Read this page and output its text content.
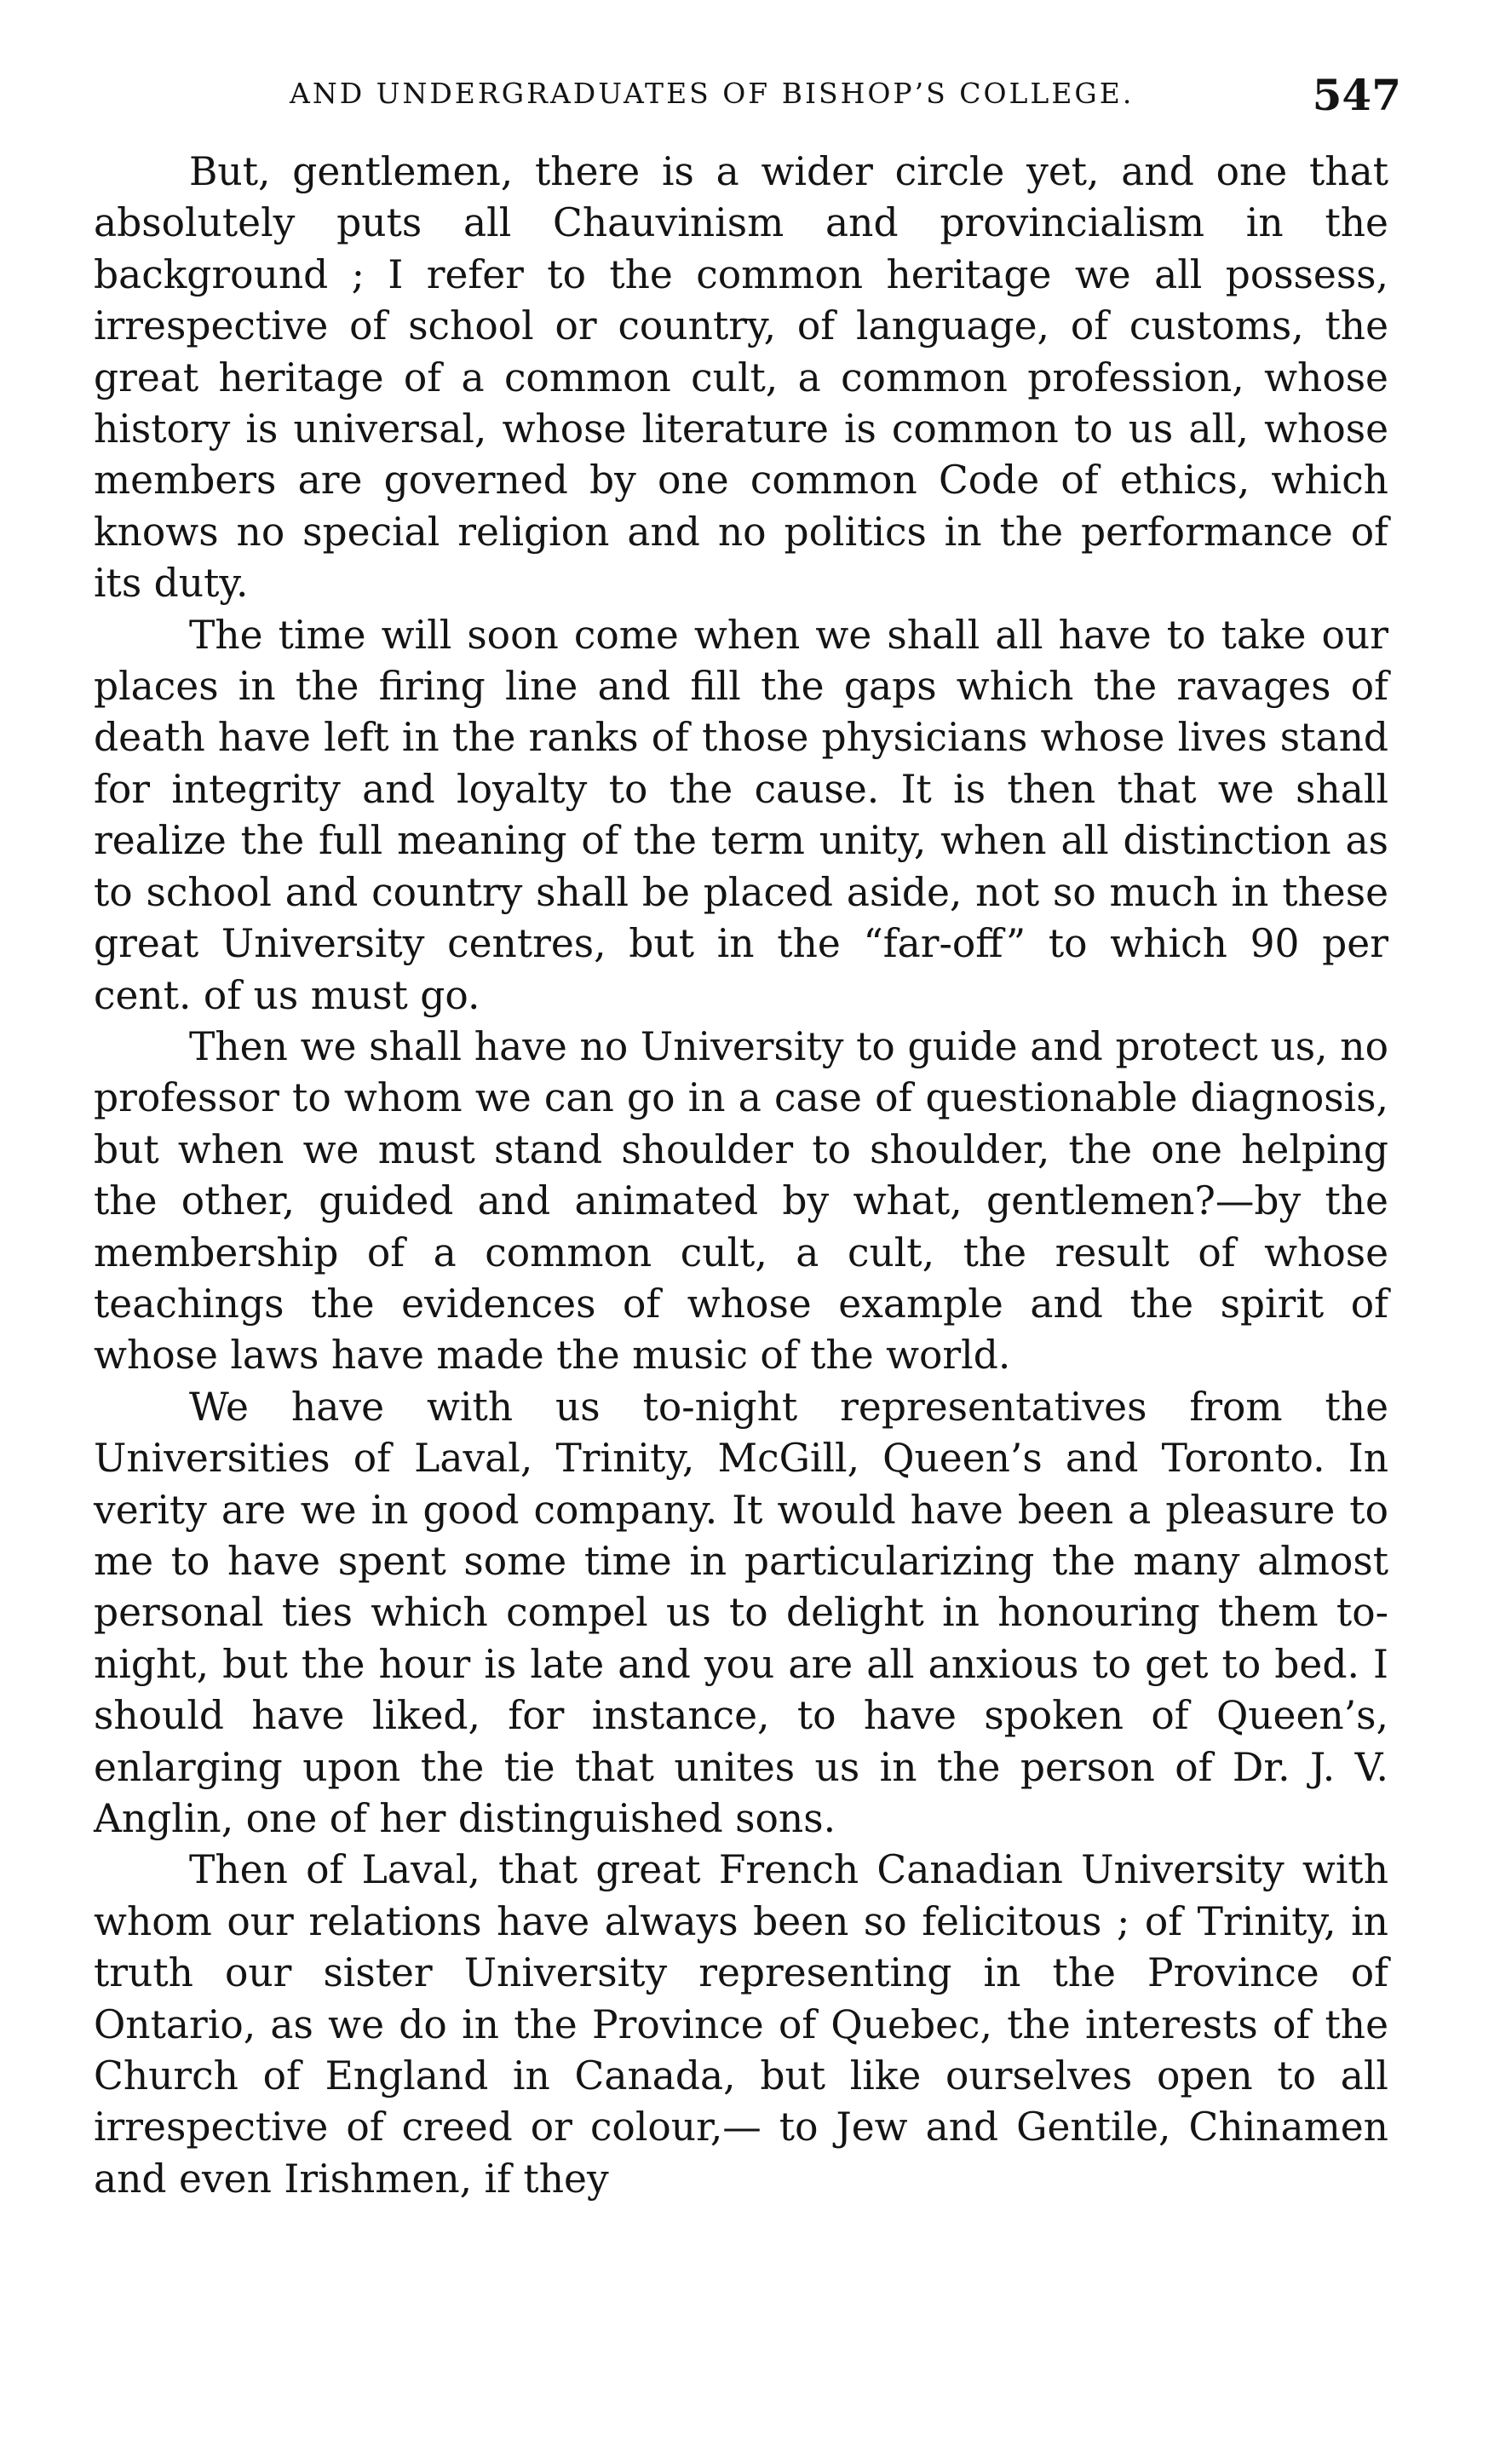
AND UNDERGRADUATES OF BISHOP’S COLLEGE.	547

But, gentlemen, there is a wider circle yet, and one that absolutely puts all Chauvinism and provincialism in the background ; I refer to the common heritage we all possess, irrespective of school or country, of language, of customs, the great heritage of a common cult, a common profession, whose history is universal, whose literature is common to us all, whose members are governed by one common Code of ethics, which knows no special religion and no politics in the performance of its duty.

The time will soon come when we shall all have to take our places in the firing line and fill the gaps which the ravages of death have left in the ranks of those physicians whose lives stand for integrity and loyalty to the cause. It is then that we shall realize the full meaning of the term unity, when all distinction as to school and country shall be placed aside, not so much in these great University centres, but in the “far-off” to which 90 per cent. of us must go.

Then we shall have no University to guide and protect us, no professor to whom we can go in a case of questionable diagnosis, but when we must stand shoulder to shoulder, the one helping the other, guided and animated by what, gentlemen?—by the membership of a common cult, a cult, the result of whose teachings the evidences of whose example and the spirit of whose laws have made the music of the world.

We have with us to-night representatives from the Universities of Laval, Trinity, McGill, Queen’s and Toronto. In verity are we in good company. It would have been a pleasure to me to have spent some time in particularizing the many almost personal ties which compel us to delight in honouring them to-night, but the hour is late and you are all anxious to get to bed. I should have liked, for instance, to have spoken of Queen’s, enlarging upon the tie that unites us in the person of Dr. J. V. Anglin, one of her distinguished sons.

Then of Laval, that great French Canadian University with whom our relations have always been so felicitous ; of Trinity, in truth our sister University representing in the Province of Ontario, as we do in the Province of Quebec, the interests of the Church of England in Canada, but like ourselves open to all irrespective of creed or colour,— to Jew and Gentile, Chinamen and even Irishmen, if they
